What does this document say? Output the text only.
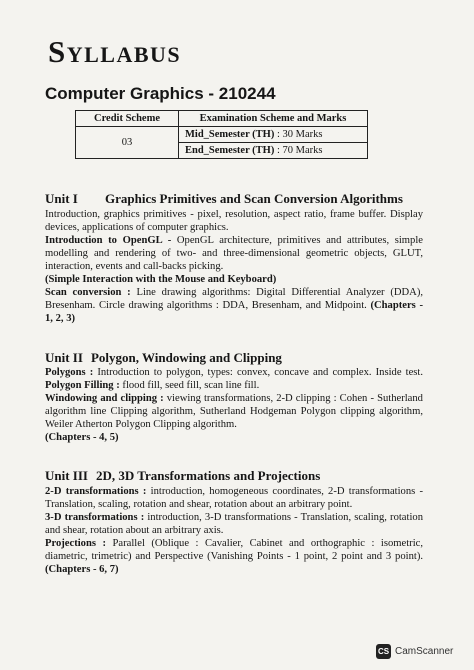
Syllabus
Computer Graphics - 210244
Credit Scheme	Examination Scheme and Marks
03	Mid_Semester (TH) : 30 Marks
	End_Semester (TH) : 70 Marks
Unit I Graphics Primitives and Scan Conversion Algorithms

Introduction, graphics primitives - pixel, resolution, aspect ratio, frame buffer. Display devices, applications of computer graphics.

Introduction to OpenGL - OpenGL architecture, primitives and attributes, simple modelling and rendering of two- and three-dimensional geometric objects, GLUT, interaction, events and call-backs picking.

(Simple Interaction with the Mouse and Keyboard)

Scan conversion : Line drawing algorithms: Digital Differential Analyzer (DDA), Bresenham. Circle drawing algorithms : DDA, Bresenham, and Midpoint. (Chapters - 1, 2, 3)

Unit II Polygon, Windowing and Clipping

Polygons : Introduction to polygon, types: convex, concave and complex. Inside test. Polygon Filling : flood fill, seed fill, scan line fill.

Windowing and clipping : viewing transformations, 2-D clipping : Cohen - Sutherland algorithm line Clipping algorithm, Sutherland Hodgeman Polygon clipping algorithm, Weiler Atherton Polygon Clipping algorithm.

(Chapters - 4, 5)

Unit III 2D, 3D Transformations and Projections

2-D transformations : introduction, homogeneous coordinates, 2-D transformations - Translation, scaling, rotation and shear, rotation about an arbitrary point.

3-D transformations : introduction, 3-D transformations - Translation, scaling, rotation and shear, rotation about an arbitrary axis.

Projections : Parallel (Oblique : Cavalier, Cabinet and orthographic : isometric, diametric, trimetric) and Perspective (Vanishing Points - 1 point, 2 point and 3 point). (Chapters - 6, 7)

CS CamScanner
